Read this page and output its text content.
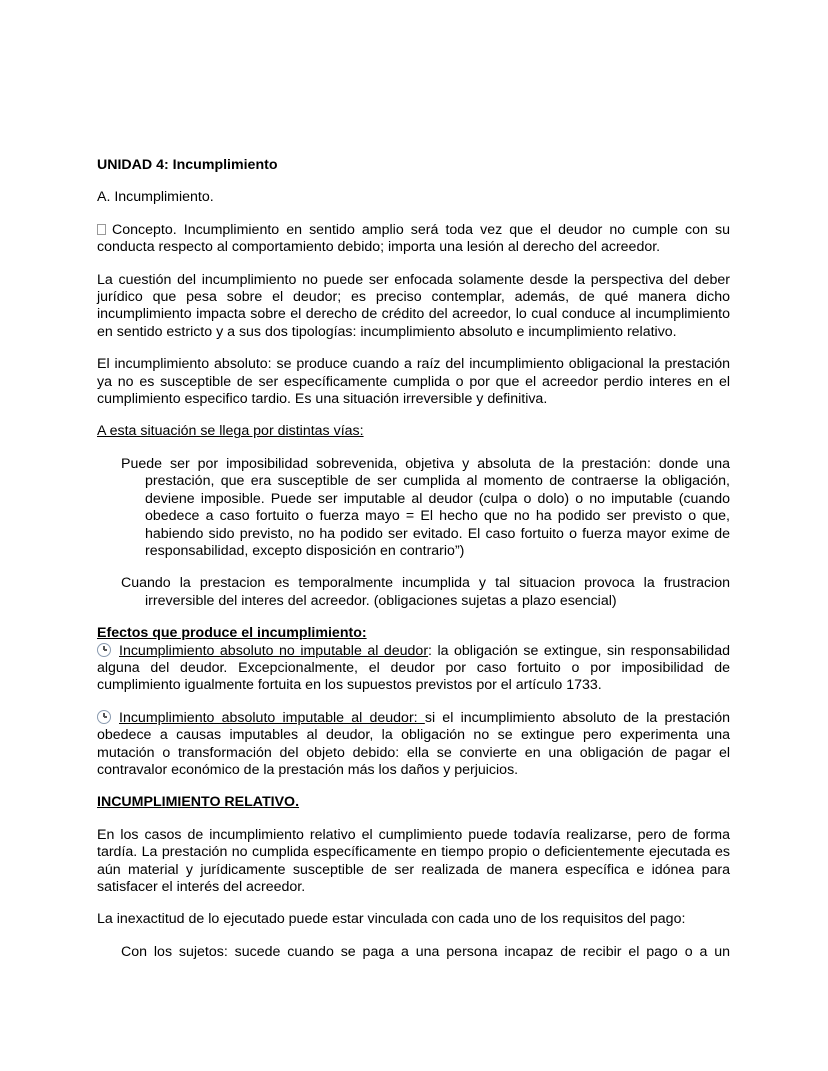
UNIDAD 4: Incumplimiento

A. Incumplimiento.

Concepto. Incumplimiento en sentido amplio será toda vez que el deudor no cumple con su conducta respecto al comportamiento debido; importa una lesión al derecho del acreedor.

La cuestión del incumplimiento no puede ser enfocada solamente desde la perspectiva del deber jurídico que pesa sobre el deudor; es preciso contemplar, además, de qué manera dicho incumplimiento impacta sobre el derecho de crédito del acreedor, lo cual conduce al incumplimiento en sentido estricto y a sus dos tipologías: incumplimiento absoluto e incumplimiento relativo.

El incumplimiento absoluto: se produce cuando a raíz del incumplimiento obligacional la prestación ya no es susceptible de ser específicamente cumplida o por que el acreedor perdio interes en el cumplimiento especifico tardio. Es una situación irreversible y definitiva.

A esta situación se llega por distintas vías:

Puede ser por imposibilidad sobrevenida, objetiva y absoluta de la prestación: donde una prestación, que era susceptible de ser cumplida al momento de contraerse la obligación, deviene imposible. Puede ser imputable al deudor (culpa o dolo) o no imputable (cuando obedece a caso fortuito o fuerza mayo = El hecho que no ha podido ser previsto o que, habiendo sido previsto, no ha podido ser evitado. El caso fortuito o fuerza mayor exime de responsabilidad, excepto disposición en contrario”)

Cuando la prestacion es temporalmente incumplida y tal situacion provoca la frustracion irreversible del interes del acreedor. (obligaciones sujetas a plazo esencial)

Efectos que produce el incumplimiento:

Incumplimiento absoluto no imputable al deudor: la obligación se extingue, sin responsabilidad alguna del deudor. Excepcionalmente, el deudor por caso fortuito o por imposibilidad de cumplimiento igualmente fortuita en los supuestos previstos por el artículo 1733.

Incumplimiento absoluto imputable al deudor: si el incumplimiento absoluto de la prestación obedece a causas imputables al deudor, la obligación no se extingue pero experimenta una mutación o transformación del objeto debido: ella se convierte en una obligación de pagar el contravalor económico de la prestación más los daños y perjuicios.

INCUMPLIMIENTO RELATIVO.

En los casos de incumplimiento relativo el cumplimiento puede todavía realizarse, pero de forma tardía. La prestación no cumplida específicamente en tiempo propio o deficientemente ejecutada es aún material y jurídicamente susceptible de ser realizada de manera específica e idónea para satisfacer el interés del acreedor.

La inexactitud de lo ejecutado puede estar vinculada con cada uno de los requisitos del pago:

Con los sujetos: sucede cuando se paga a una persona incapaz de recibir el pago o a un
